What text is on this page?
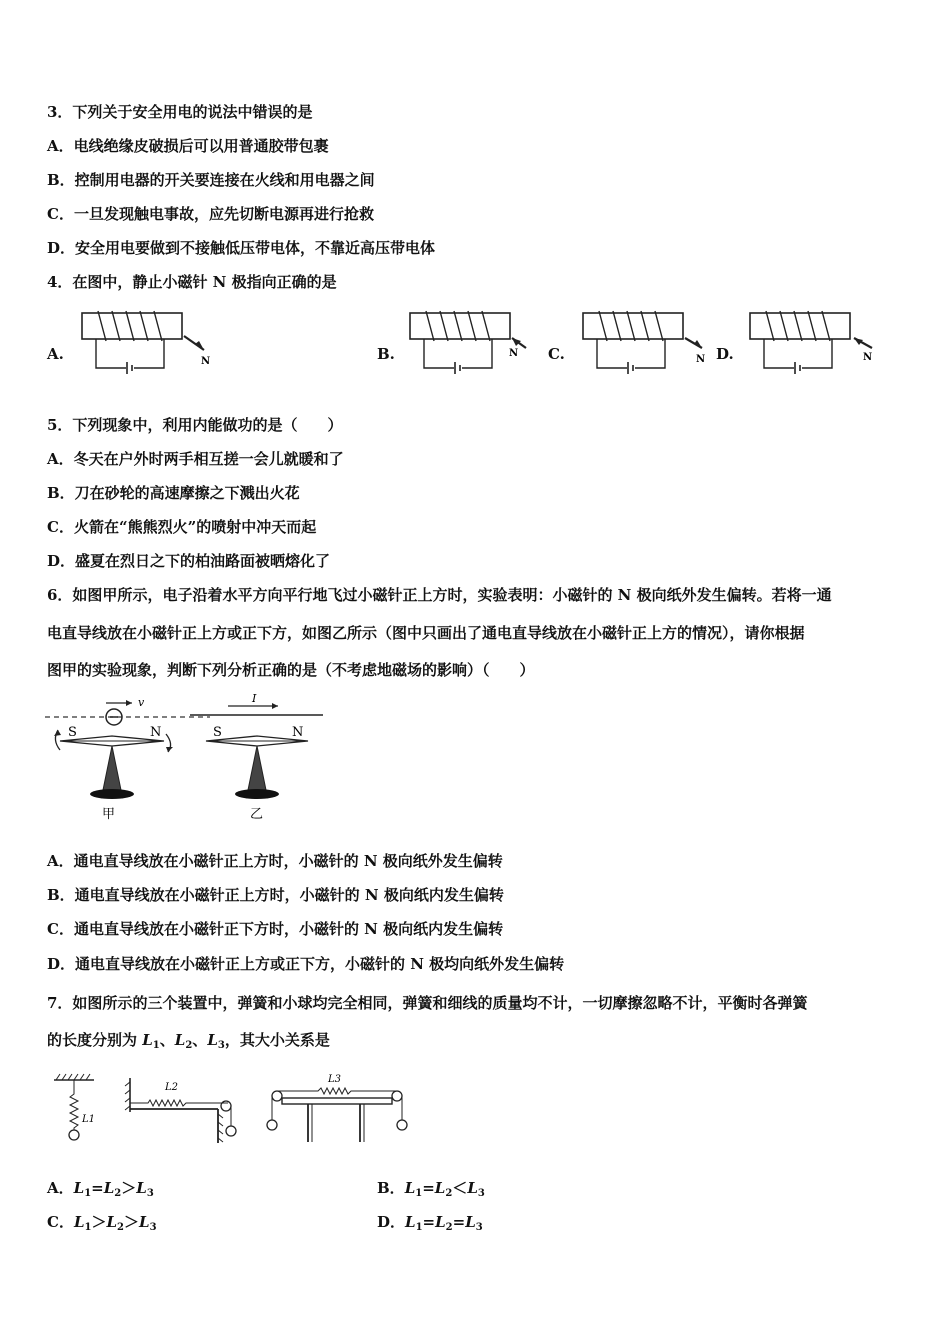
3．下列关于安全用电的说法中错误的是
A．电线绝缘皮破损后可以用普通胶带包裹
B．控制用电器的开关要连接在火线和用电器之间
C．一旦发现触电事故，应先切断电源再进行抢救
D．安全用电要做到不接触低压带电体，不靠近高压带电体
4．在图中，静止小磁针 N 极指向正确的是
A.	B.	C.	D.
N
N
N	N
5．下列现象中，利用内能做功的是（　　）
A．冬天在户外时两手相互搓一会儿就暖和了
B．刀在砂轮的高速摩擦之下溅出火花
C．火箭在“熊熊烈火”的喷射中冲天而起
D．盛夏在烈日之下的柏油路面被晒熔化了
6．如图甲所示，电子沿着水平方向平行地飞过小磁针正上方时，实验表明：小磁针的 N 极向纸外发生偏转。若将一通
电直导线放在小磁针正上方或正下方，如图乙所示（图中只画出了通电直导线放在小磁针正上方的情况），请你根据
图甲的实验现象，判断下列分析正确的是（不考虑地磁场的影响）（　　）
v
S	N
甲
I
S	N
乙
A．通电直导线放在小磁针正上方时，小磁针的 N 极向纸外发生偏转
B．通电直导线放在小磁针正上方时，小磁针的 N 极向纸内发生偏转
C．通电直导线放在小磁针正下方时，小磁针的 N 极向纸内发生偏转
D．通电直导线放在小磁针正上方或正下方，小磁针的 N 极均向纸外发生偏转
7．如图所示的三个装置中，弹簧和小球均完全相同，弹簧和细线的质量均不计，一切摩擦忽略不计，平衡时各弹簧
的长度分别为 $L_1$、$L_2$、$L_3$，其大小关系是
L1
L2
L3
A．$L_1=L_2>L_3$	B．$L_1=L_2<L_3$
C．$L_1>L_2>L_3$	D．$L_1=L_2=L_3$
